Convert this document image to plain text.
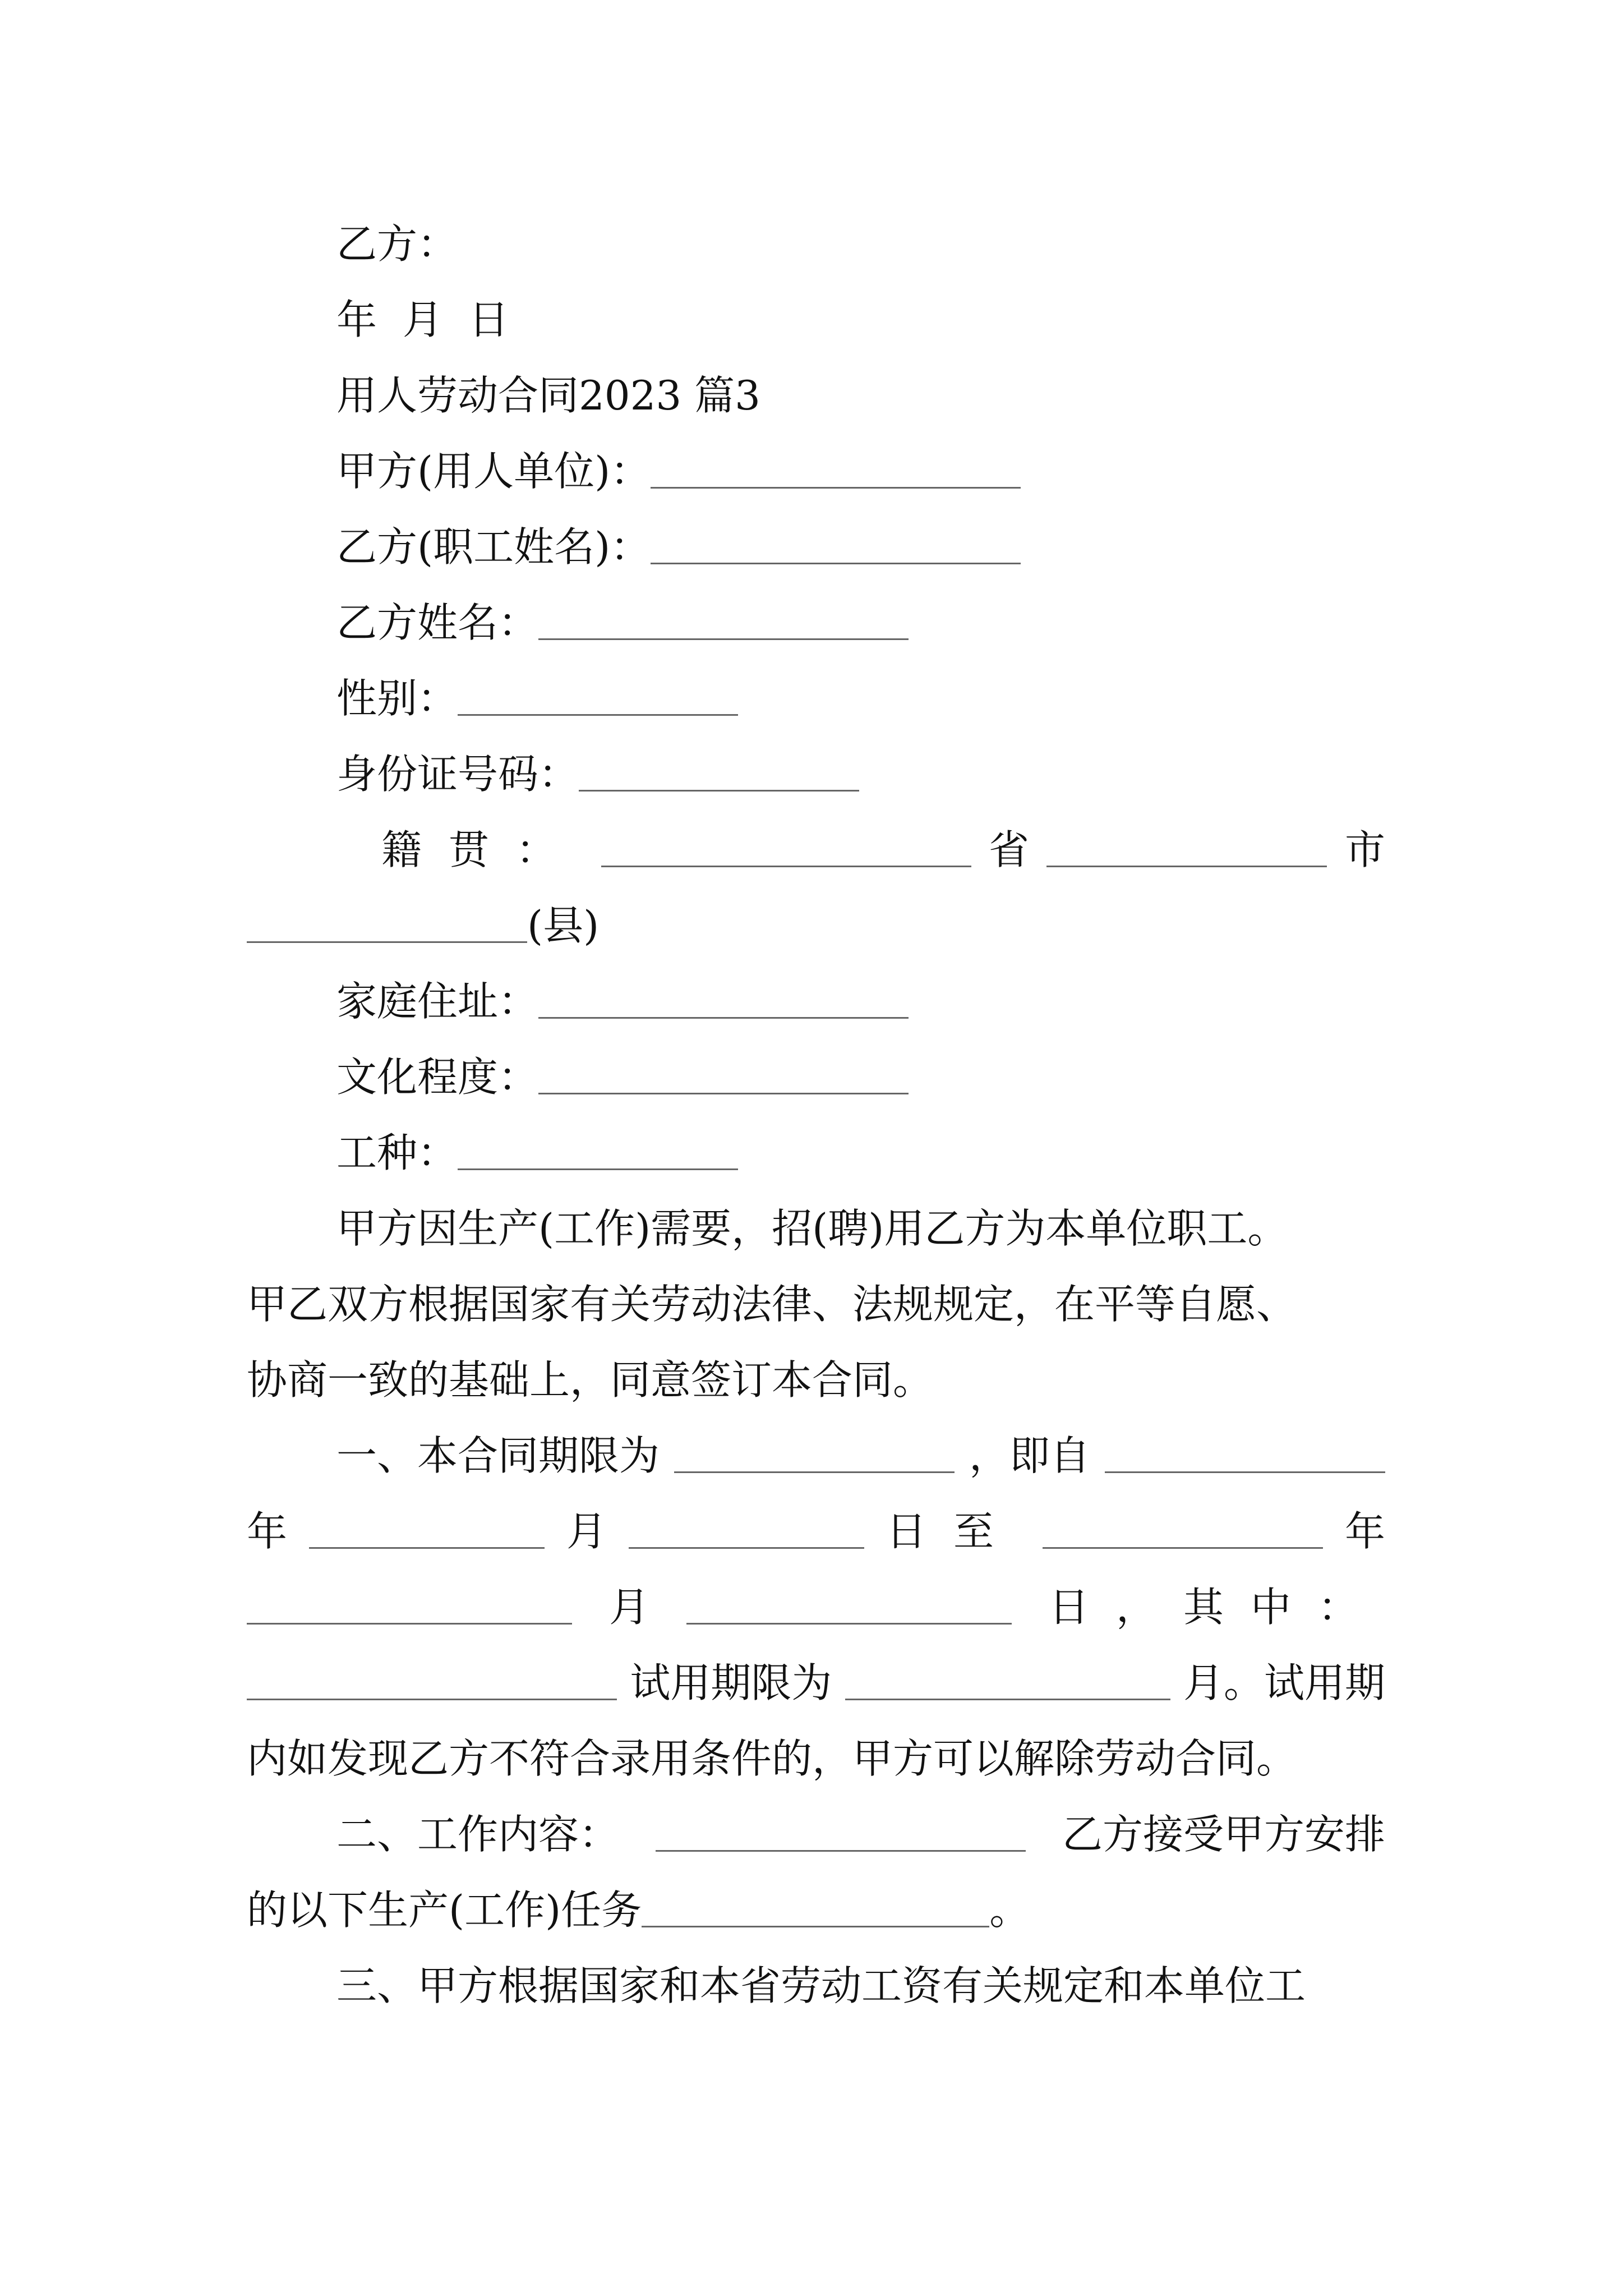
乙方：
年  月  日
用人劳动合同2023 篇3
甲方(用人单位)：
乙方(职工姓名)：
乙方姓名：
性别：
身份证号码：
籍贯：	省	市
(县)
家庭住址：
文化程度：
工种：
甲方因生产(工作)需要，招(聘)用乙方为本单位职工。
甲乙双方根据国家有关劳动法律、法规规定，在平等自愿、
协商一致的基础上，同意签订本合同。
一、本合同期限为	，即自
年	月	日至	年
月	日，其中：
试用期限为	月。试用期
内如发现乙方不符合录用条件的，甲方可以解除劳动合同。
二、工作内容：	乙方接受甲方安排
的以下生产(工作)任务	。
三、甲方根据国家和本省劳动工资有关规定和本单位工
